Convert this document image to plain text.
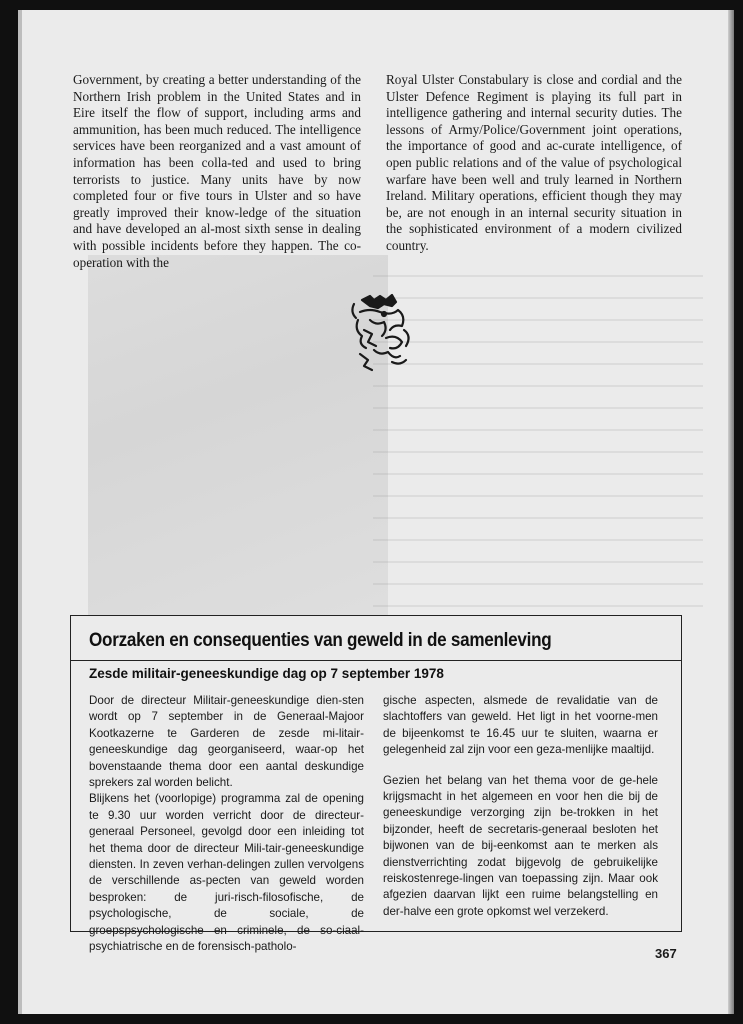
Government, by creating a better understanding of the Northern Irish problem in the United States and in Eire itself the flow of support, including arms and ammunition, has been much reduced. The intelligence services have been reorganized and a vast amount of information has been colla-ted and used to bring terrorists to justice. Many units have by now completed four or five tours in Ulster and so have greatly improved their know-ledge of the situation and have developed an al-most sixth sense in dealing with possible incidents before they happen. The co-operation with the

Royal Ulster Constabulary is close and cordial and the Ulster Defence Regiment is playing its full part in intelligence gathering and internal security duties. The lessons of Army/Police/Government joint operations, the importance of good and ac-curate intelligence, of open public relations and of the value of psychological warfare have been well and truly learned in Northern Ireland. Military operations, efficient though they may be, are not enough in an internal security situation in the sophisticated environment of a modern civilized country.

Oorzaken en consequenties van geweld in de samenleving
Zesde militair-geneeskundige dag op 7 september 1978

Door de directeur Militair-geneeskundige dien-sten wordt op 7 september in de Generaal-Majoor Kootkazerne te Garderen de zesde mi-litair-geneeskundige dag georganiseerd, waar-op het bovenstaande thema door een aantal deskundige sprekers zal worden belicht.

Blijkens het (voorlopige) programma zal de opening te 9.30 uur worden verricht door de directeur-generaal Personeel, gevolgd door een inleiding tot het thema door de directeur Mili-tair-geneeskundige diensten. In zeven verhan-delingen zullen vervolgens de verschillende as-pecten van geweld worden besproken: de juri-risch-filosofische, de psychologische, de sociale, de groepspsychologische en criminele, de so-ciaal-psychiatrische en de forensisch-patholo-

gische aspecten, alsmede de revalidatie van de slachtoffers van geweld. Het ligt in het voorne-men de bijeenkomst te 16.45 uur te sluiten, waarna er gelegenheid zal zijn voor een geza-menlijke maaltijd.

Gezien het belang van het thema voor de ge-hele krijgsmacht in het algemeen en voor hen die bij de geneeskundige verzorging zijn be-trokken in het bijzonder, heeft de secretaris-generaal besloten het bijwonen van de bij-eenkomst aan te merken als dienstverrichting zodat bijgevolg de gebruikelijke reiskostenrege-lingen van toepassing zijn. Maar ook afgezien daarvan lijkt een ruime belangstelling en der-halve een grote opkomst wel verzekerd.

367
